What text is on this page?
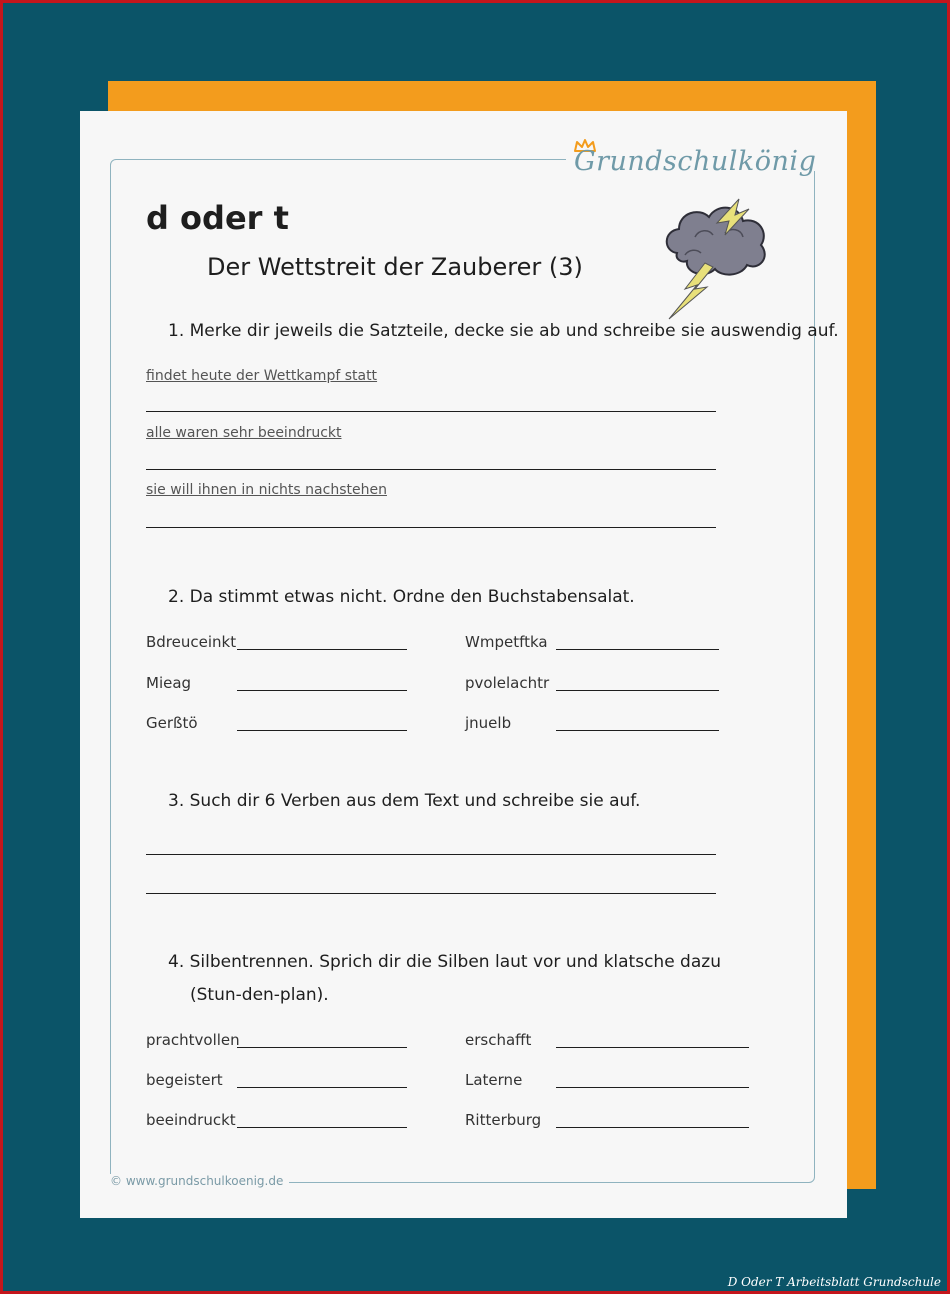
Grundschulkönig
d oder t
Der Wettstreit der Zauberer (3)
1. Merke dir jeweils die Satzteile, decke sie ab und schreibe sie auswendig auf.
findet heute der Wettkampf statt
alle waren sehr beeindruckt
sie will ihnen in nichts nachstehen
2. Da stimmt etwas nicht. Ordne den Buchstabensalat.
Bdreuceinkt	Wmpetftka
Mieag	pvolelachtr
Gerßtö	jnuelb
3. Such dir 6 Verben aus dem Text und schreibe sie auf.
4. Silbentrennen. Sprich dir die Silben laut vor und klatsche dazu
(Stun-den-plan).
prachtvollen	erschafft
begeistert	Laterne
beeindruckt	Ritterburg
© www.grundschulkoenig.de
D Oder T Arbeitsblatt Grundschule
